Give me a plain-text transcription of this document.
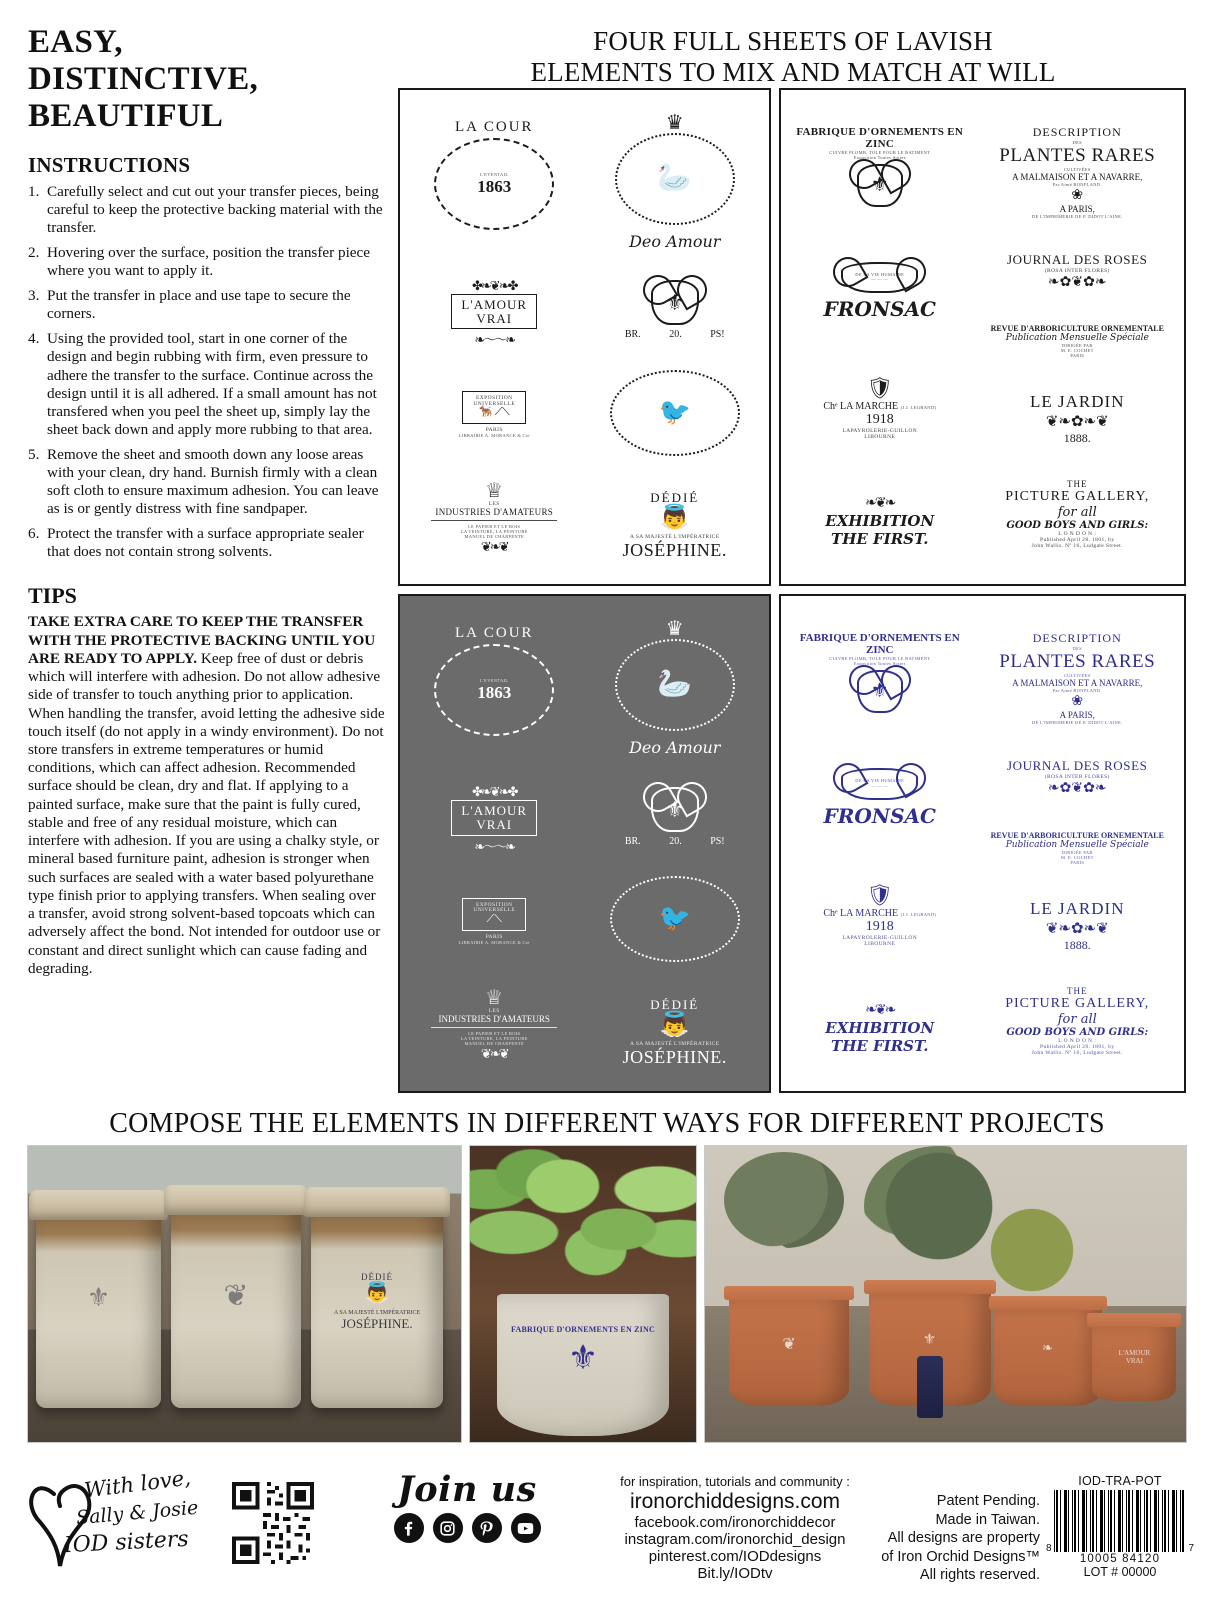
EASY,
DISTINCTIVE,
BEAUTIFUL
INSTRUCTIONS
1. Carefully select and cut out your transfer pieces, being careful to keep the protective backing material with the transfer.
2. Hovering over the surface, position the transfer piece where you want to apply it.
3. Put the transfer in place and use tape to secure the corners.
4. Using the provided tool, start in one corner of the design and begin rubbing with firm, even pressure to adhere the transfer to the surface. Continue across the design until it is all adhered. If a small amount has not transfered when you peel the sheet up, simply lay the sheet back down and apply more rubbing to that area.
5. Remove the sheet and smooth down any loose areas with your clean, dry hand. Burnish firmly with a clean soft cloth to ensure maximum adhesion. You can leave as is or gently distress with fine sandpaper.
6. Protect the transfer with a surface appropriate sealer that does not contain strong solvents.
TIPS
TAKE EXTRA CARE TO KEEP THE TRANSFER WITH THE PROTECTIVE BACKING UNTIL YOU ARE READY TO APPLY. Keep free of dust or debris which will interfere with adhesion. Do not allow adhesive side of transfer to touch anything prior to application. When handling the transfer, avoid letting the adhesive side touch itself (do not apply in a windy environment). Do not store transfers in extreme temperatures or humid conditions, which can affect adhesion. Recommended surface should be clean, dry and flat. If applying to a painted surface, make sure that the paint is fully cured, stable and free of any residual moisture, which can interfere with adhesion. If you are using a chalky style, or mineral based furniture paint, adhesion is stronger when such surfaces are sealed with a water based polyurethane type finish prior to applying transfers. When sealing over a transfer, avoid strong solvent-based topcoats which can adversely affect the bond. Not intended for outdoor use or constant and direct sunlight which can cause fading and degrading.
FOUR FULL SHEETS OF LAVISH
ELEMENTS TO MIX AND MATCH AT WILL
LA COUR
L'EVENTAIL
1863
✤❧❦❧✤
L'AMOUR
VRAI
❧〜〜❧
EXPOSITION
UNIVERSELLE
🐕‍🦺 ⟋⟍
PARIS
LIBRAIRIE A. MORANCE & Cie
♕
LES
INDUSTRIES D'AMATEURS
LE PAPIER ET LE BOIS
LA TEINTURE, LA PEINTURE
MANUEL DE CHARPENTE
❦❧❦
♛
🦢
Deo Amour
⚜
BR.	20.	PS!
🐦
DÉDIÉ
👼
A SA MAJESTÉ L'IMPÉRATRICE
JOSÉPHINE.
FABRIQUE D'ORNEMENTS EN ZINC
CUIVRE PLOMB, TOLE POUR LE BATIMENT
Exposition Toutes Sortes
⚜
DE LA VIE HUMAINE
— — —
FRONSAC
🛡
Chᵉ LA MARCHE (J.J. LEGRAND)
1918
LAPAYROLERIE-GUILLON
LIBOURNE
❧❦❧
EXHIBITION
THE FIRST.
DESCRIPTION
DES
PLANTES RARES
CULTIVÉES
A MALMAISON ET A NAVARRE,
Par Aimé BONPLAND.
❀
A PARIS,
DE L'IMPRIMERIE DE P. DIDOT L'AINE.
JOURNAL DES ROSES
(ROSA INTER FLORES)
❧✿❦✿❧
REVUE D'ARBORICULTURE ORNEMENTALE
Publication Mensuelle Spéciale
DIRIGÉE PAR
M. E. COCHET
PARIS
LE JARDIN
❦❧✿❧❦
1888.
THE
PICTURE GALLERY,
for all
GOOD BOYS AND GIRLS:
L O N D O N :
Published April 28. 1801, by
John Wallis. Nº 16, Ludgate Street.
LA COUR
L'EVENTAIL
1863
✤❧❦❧✤
L'AMOUR
VRAI
❧〜〜❧
EXPOSITION
UNIVERSELLE
⟋⟍
PARIS
LIBRAIRIE A. MORANCE & Cie
♕
LES
INDUSTRIES D'AMATEURS
LE PAPIER ET LE BOIS
LA TEINTURE, LA PEINTURE
MANUEL DE CHARPENTE
❦❧❦
♛
🦢
Deo Amour
⚜
BR.	20.	PS!
🐦
DÉDIÉ
👼
A SA MAJESTÉ L'IMPÉRATRICE
JOSÉPHINE.
FABRIQUE D'ORNEMENTS EN ZINC
CUIVRE PLOMB, TOLE POUR LE BATIMENT
Exposition Toutes Sortes
⚜
DE LA VIE HUMAINE
— — —
FRONSAC
🛡
Chᵉ LA MARCHE (J.J. LEGRAND)
1918
LAPAYROLERIE-GUILLON
LIBOURNE
❧❦❧
EXHIBITION
THE FIRST.
DESCRIPTION
DES
PLANTES RARES
CULTIVÉES
A MALMAISON ET A NAVARRE,
Par Aimé BONPLAND.
❀
A PARIS,
DE L'IMPRIMERIE DE P. DIDOT L'AINE.
JOURNAL DES ROSES
(ROSA INTER FLORES)
❧✿❦✿❧
REVUE D'ARBORICULTURE ORNEMENTALE
Publication Mensuelle Spéciale
DIRIGÉE PAR
M. E. COCHET
PARIS
LE JARDIN
❦❧✿❧❦
1888.
THE
PICTURE GALLERY,
for all
GOOD BOYS AND GIRLS:
L O N D O N :
Published April 28. 1801, by
John Wallis. Nº 16, Ludgate Street.
COMPOSE THE ELEMENTS IN DIFFERENT WAYS FOR DIFFERENT PROJECTS
⚜	❦
DÉDIÉ
👼
A SA MAJESTÉ L'IMPÉRATRICE
JOSÉPHINE.	FABRIQUE D'ORNEMENTS EN ZINC
⚜	❦	⚜
❧	L'AMOUR
VRAI
With love,
Sally & Josie
IOD sisters
Join us	for inspiration, tutorials and community :
ironorchiddesigns.com
facebook.com/ironorchiddecor
instagram.com/ironorchid_design
pinterest.com/IODdesigns
Bit.ly/IODtv
Patent Pending.
Made in Taiwan.
All designs are property
of Iron Orchid Designs™
All rights reserved.
IOD-TRA-POT
8	7
10005 84120
LOT # 00000
